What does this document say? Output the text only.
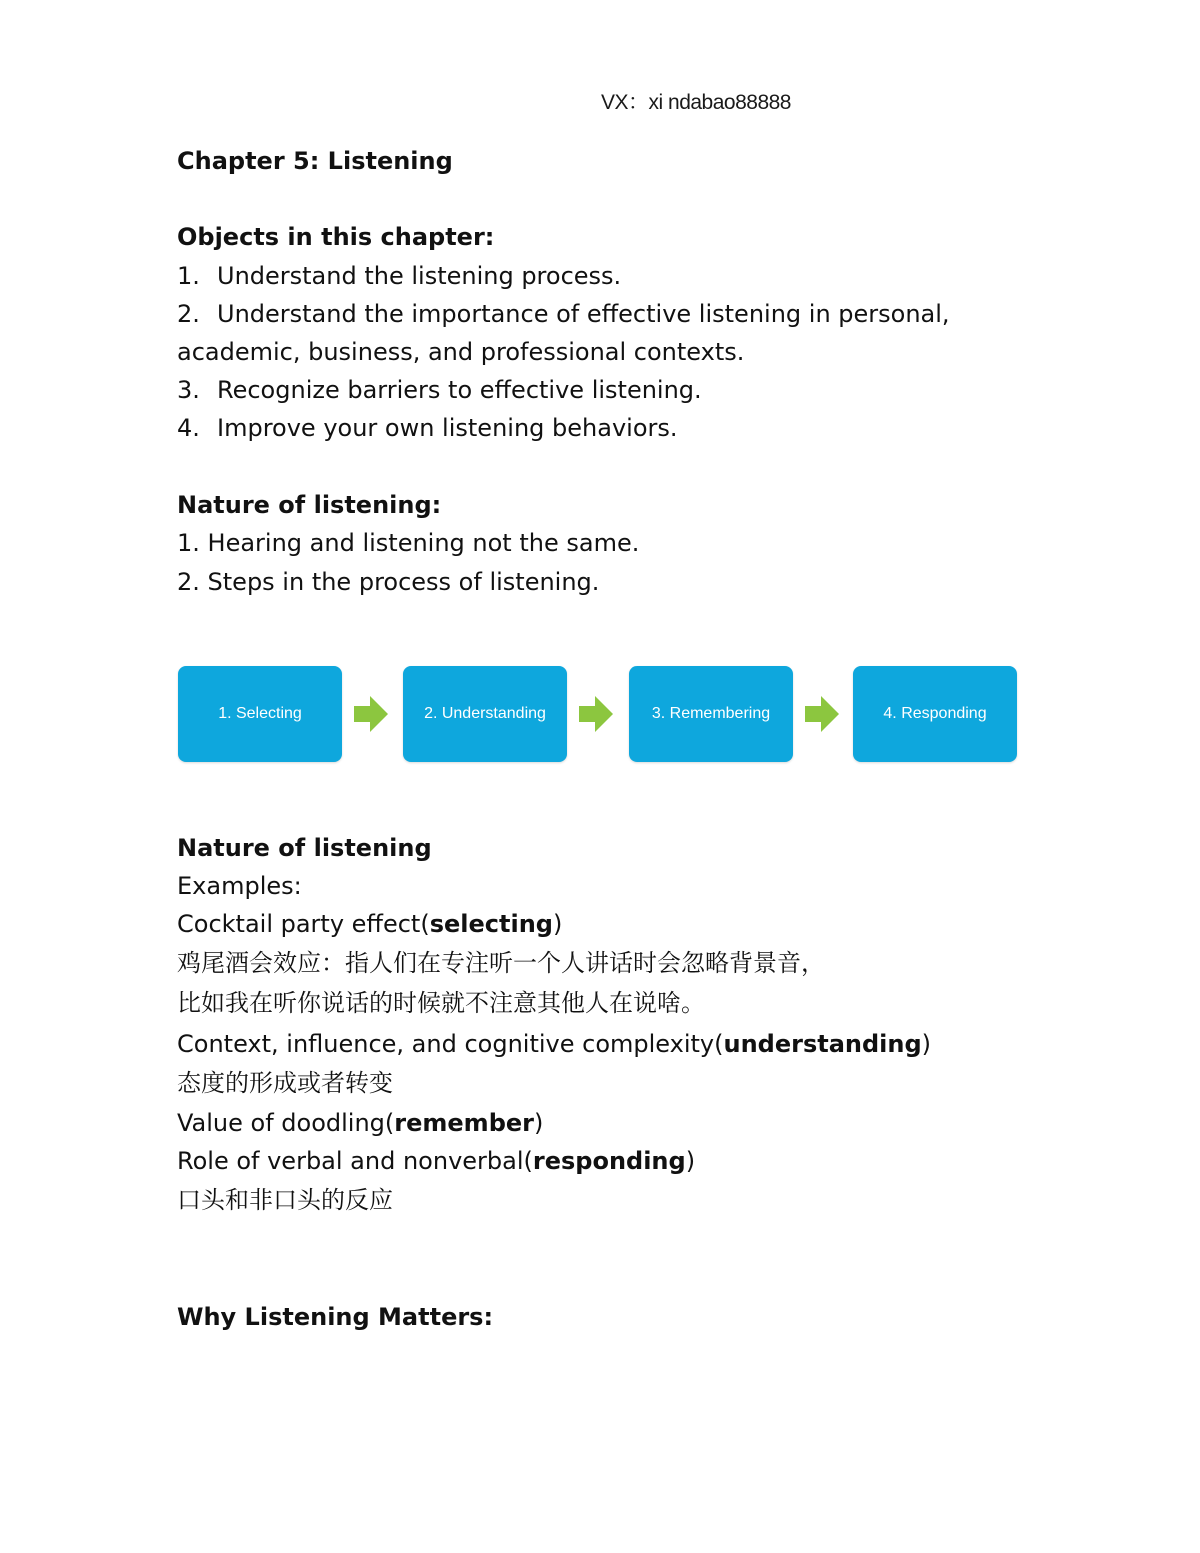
VX：xi ndabao88888
Chapter 5: Listening
Objects in this chapter:
1. Understand the listening process.
2. Understand the importance of effective listening in personal,
academic, business, and professional contexts.
3. Recognize barriers to effective listening.
4. Improve your own listening behaviors.
Nature of listening:
1. Hearing and listening not the same.
2. Steps in the process of listening.
1. Selecting	2. Understanding	3. Remembering	4. Responding
Nature of listening
Examples:
Cocktail party effect(selecting)
鸡尾酒会效应：指人们在专注听一个人讲话时会忽略背景音，
比如我在听你说话的时候就不注意其他人在说啥。
Context, influence, and cognitive complexity(understanding)
态度的形成或者转变
Value of doodling(remember)
Role of verbal and nonverbal(responding)
口头和非口头的反应
Why Listening Matters:
